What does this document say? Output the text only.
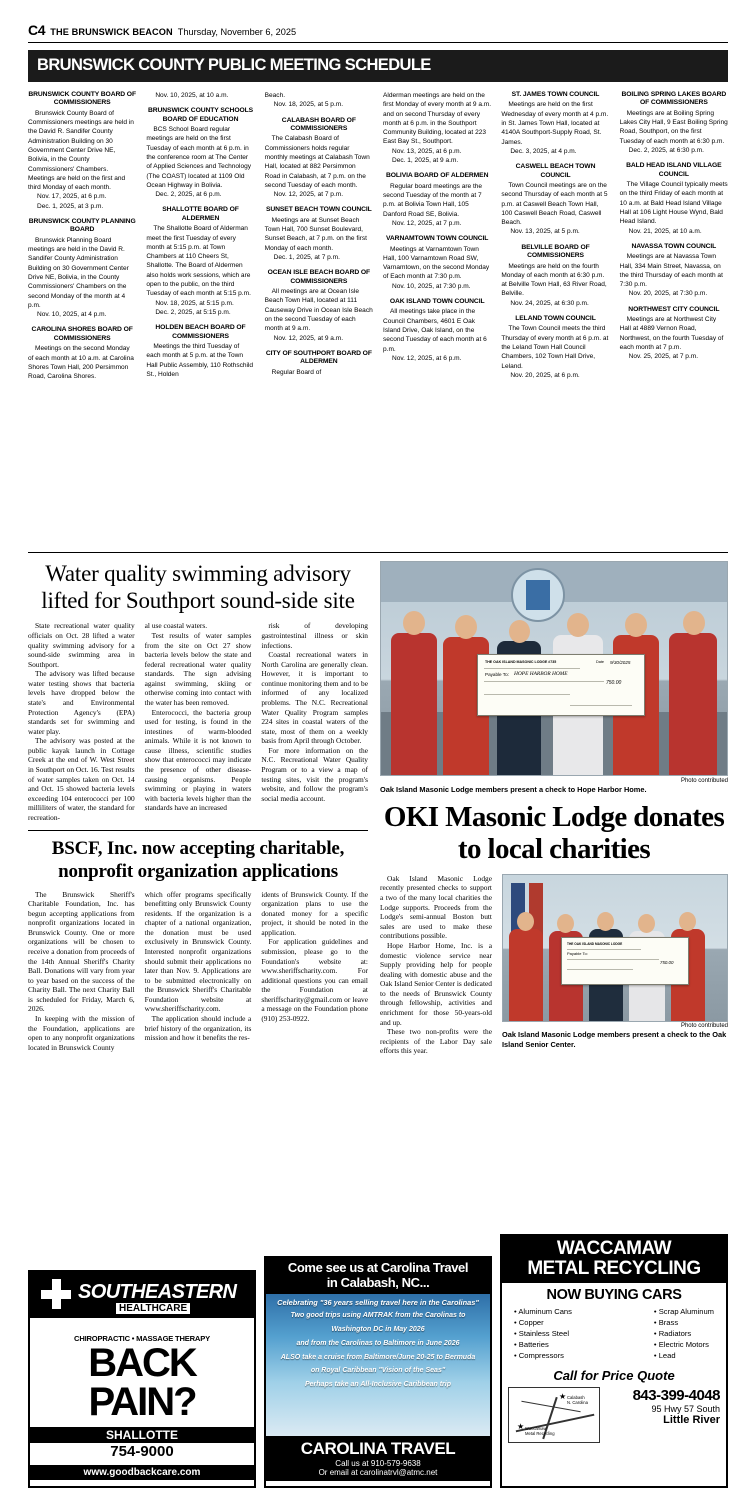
C4 THE BRUNSWICK BEACON Thursday, November 6, 2025
BRUNSWICK COUNTY PUBLIC MEETING SCHEDULE
BRUNSWICK COUNTY BOARD OF COMMISSIONERS

Brunswick County Board of Commissioners meetings are held in the David R. Sandifer County Administration Building on 30 Government Center Drive NE, Bolivia, in the County Commissioners' Chambers. Meetings are held on the first and third Monday of each month.

Nov. 17, 2025, at 6 p.m.

Dec. 1, 2025, at 3 p.m.

BRUNSWICK COUNTY PLANNING BOARD

Brunswick Planning Board meetings are held in the David R. Sandifer County Administration Building on 30 Government Center Drive NE, Bolivia, in the County Commissioners' Chambers on the second Monday of the month at 4 p.m.

Nov. 10, 2025, at 4 p.m.

CAROLINA SHORES BOARD OF COMMISSIONERS

Meetings on the second Monday of each month at 10 a.m. at Carolina Shores Town Hall, 200 Persimmon Road, Carolina Shores.

Nov. 10, 2025, at 10 a.m.

BRUNSWICK COUNTY SCHOOLS BOARD OF EDUCATION

BCS School Board regular meetings are held on the first Tuesday of each month at 6 p.m. in the conference room at The Center of Applied Sciences and Technology (The COAST) located at 1109 Old Ocean Highway in Bolivia.

Dec. 2, 2025, at 6 p.m.

SHALLOTTE BOARD OF ALDERMEN

The Shallotte Board of Alderman meet the first Tuesday of every month at 5:15 p.m. at Town Chambers at 110 Cheers St, Shallotte. The Board of Aldermen also holds work sessions, which are open to the public, on the third Tuesday of each month at 5:15 p.m.

Nov. 18, 2025, at 5:15 p.m.

Dec. 2, 2025, at 5:15 p.m.

HOLDEN BEACH BOARD OF COMMISSIONERS

Meetings the third Tuesday of each month at 5 p.m. at the Town Hall Public Assembly, 110 Rothschild St., Holden

Beach.

Nov. 18, 2025, at 5 p.m.

CALABASH BOARD OF COMMISSIONERS

The Calabash Board of Commissioners holds regular monthly meetings at Calabash Town Hall, located at 882 Persimmon Road in Calabash, at 7 p.m. on the second Tuesday of each month.

Nov. 12, 2025, at 7 p.m.

SUNSET BEACH TOWN COUNCIL

Meetings are at Sunset Beach Town Hall, 700 Sunset Boulevard, Sunset Beach, at 7 p.m. on the first Monday of each month.

Dec. 1, 2025, at 7 p.m.

OCEAN ISLE BEACH BOARD OF COMMISSIONERS

All meetings are at Ocean Isle Beach Town Hall, located at 111 Causeway Drive in Ocean Isle Beach on the second Tuesday of each month at 9 a.m.

Nov. 12, 2025, at 9 a.m.

CITY OF SOUTHPORT BOARD OF ALDERMEN

Regular Board of

Alderman meetings are held on the first Monday of every month at 9 a.m. and on second Thursday of every month at 6 p.m. in the Southport Community Building, located at 223 East Bay St., Southport.

Nov. 13, 2025, at 6 p.m.

Dec. 1, 2025, at 9 a.m.

BOLIVIA BOARD OF ALDERMEN

Regular board meetings are the second Tuesday of the month at 7 p.m. at Bolivia Town Hall, 105 Danford Road SE, Bolivia.

Nov. 12, 2025, at 7 p.m.

VARNAMTOWN TOWN COUNCIL

Meetings at Varnamtown Town Hall, 100 Varnamtown Road SW, Varnamtown, on the second Monday of Each month at 7:30 p.m.

Nov. 10, 2025, at 7:30 p.m.

OAK ISLAND TOWN COUNCIL

All meetings take place in the Council Chambers, 4601 E Oak Island Drive, Oak Island, on the second Tuesday of each month at 6 p.m.

Nov. 12, 2025, at 6 p.m.

ST. JAMES TOWN COUNCIL

Meetings are held on the first Wednesday of every month at 4 p.m. in St. James Town Hall, located at 4140A Southport-Supply Road, St. James.

Dec. 3, 2025, at 4 p.m.

CASWELL BEACH TOWN COUNCIL

Town Council meetings are on the second Thursday of each month at 5 p.m. at Caswell Beach Town Hall, 100 Caswell Beach Road, Caswell Beach.

Nov. 13, 2025, at 5 p.m.

BELVILLE BOARD OF COMMISSIONERS

Meetings are held on the fourth Monday of each month at 6:30 p.m. at Belville Town Hall, 63 River Road, Belville.

Nov. 24, 2025, at 6:30 p.m.

LELAND TOWN COUNCIL

The Town Council meets the third Thursday of every month at 6 p.m. at the Leland Town Hall Council Chambers, 102 Town Hall Drive, Leland.

Nov. 20, 2025, at 6 p.m.

BOILING SPRING LAKES BOARD OF COMMISSIONERS

Meetings are at Boiling Spring Lakes City Hall, 9 East Boiling Spring Road, Southport, on the first Tuesday of each month at 6:30 p.m.

Dec. 2, 2025, at 6:30 p.m.

BALD HEAD ISLAND VILLAGE COUNCIL

The Village Council typically meets on the third Friday of each month at 10 a.m. at Bald Head Island Village Hall at 106 Light House Wynd, Bald Head Island.

Nov. 21, 2025, at 10 a.m.

NAVASSA TOWN COUNCIL

Meetings are at Navassa Town Hall, 334 Main Street, Navassa, on the third Thursday of each month at 7:30 p.m.

Nov. 20, 2025, at 7:30 p.m.

NORTHWEST CITY COUNCIL

Meetings are at Northwest City Hall at 4889 Vernon Road, Northwest, on the fourth Tuesday of each month at 7 p.m.

Nov. 25, 2025, at 7 p.m.

Water quality swimming advisory lifted for Southport sound-side site

State recreational water quality officials on Oct. 28 lifted a water quality swimming advisory for a sound-side swimming area in Southport.

The advisory was lifted because water testing shows that bacteria levels have dropped below the state's and Environmental Protection Agency's (EPA) standards set for swimming and water play.

The advisory was posted at the public kayak launch in Cottage Creek at the end of W. West Street in Southport on Oct. 16. Test results of water samples taken on Oct. 14 and Oct. 15 showed bacteria levels exceeding 104 enterococci per 100 milliliters of water, the standard for recreation-

al use coastal waters.

Test results of water samples from the site on Oct 27 show bacteria levels below the state and federal recreational water quality standards. The sign advising against swimming, skiing or otherwise coming into contact with the water has been removed.

Enterococci, the bacteria group used for testing, is found in the intestines of warm-blooded animals. While it is not known to cause illness, scientific studies show that enterococci may indicate the presence of other disease-causing organisms. People swimming or playing in waters with bacteria levels higher than the standards have an increased

risk of developing gastrointestinal illness or skin infections.

Coastal recreational waters in North Carolina are generally clean. However, it is important to continue monitoring them and to be informed of any localized problems. The N.C. Recreational Water Quality Program samples 224 sites in coastal waters of the state, most of them on a weekly basis from April through October.

For more information on the N.C. Recreational Water Quality Program or to a view a map of testing sites, visit the program's website, and follow the program's social media account.

BSCF, Inc. now accepting charitable, nonprofit organization applications

The Brunswick Sheriff's Charitable Foundation, Inc. has begun accepting applications from nonprofit organizations located in Brunswick County. One or more organizations will be chosen to receive a donation from proceeds of the 14th Annual Sheriff's Charity Ball. Donations will vary from year to year based on the success of the Charity Ball. The next Charity Ball is scheduled for Friday, March 6, 2026.

In keeping with the mission of the Foundation, applications are open to any nonprofit organizations located in Brunswick County

which offer programs specifically benefitting only Brunswick County residents. If the organization is a chapter of a national organization, the donation must be used exclusively in Brunswick County. Interested nonprofit organizations should submit their applications no later than Nov. 9. Applications are to be submitted electronically on the Brunswick Sheriff's Charitable Foundation website at www.sheriffscharity.com.

The application should include a brief history of the organization, its mission and how it benefits the res-

idents of Brunswick County. If the organization plans to use the donated money for a specific project, it should be noted in the application.

For application guidelines and submission, please go to the Foundation's website at: www.sheriffscharity.com. For additional questions you can email the Foundation at sheriffscharity@gmail.com or leave a message on the Foundation phone (910) 253-0922.

THE OAK ISLAND MASONIC LODGE #735
Payable To: HOPE HARBOR HOME
Date 9/30/2025
750.00
Photo contributed
Oak Island Masonic Lodge members present a check to Hope Harbor Home.
OKI Masonic Lodge donates to local charities

Oak Island Masonic Lodge recently presented checks to support a two of the many local charities the Lodge supports. Proceeds from the Lodge's semi-annual Boston butt sales are used to make these contributions possible.

Hope Harbor Home, Inc. is a domestic violence service near Supply providing help for people dealing with domestic abuse and the Oak Island Senior Center is dedicated to the needs of Brunswick County through fellowship, activities and enrichment for those 50-years-old and up.

These two non-profits were the recipients of the Labor Day sale efforts this year.

THE OAK ISLAND MASONIC LODGE
Payable To:
750.00
Photo contributed
Oak Island Masonic Lodge members present a check to the Oak Island Senior Center.
SOUTHEASTERN
HEALTHCARE
CHIROPRACTIC • MASSAGE THERAPY
BACK
PAIN?
SHALLOTTE
754-9000
www.goodbackcare.com
Come see us at Carolina Travel
in Calabash, NC...
Celebrating "36 years selling travel here in the Carolinas"
Two good trips using AMTRAK from the Carolinas to
Washington DC in May 2026
and from the Carolinas to Baltimore in June 2026
ALSO take a cruise from Baltimore/June 20-25 to Bermuda
on Royal Caribbean "Vision of the Seas"
Perhaps take an All-Inclusive Caribbean trip
CAROLINA TRAVEL
Call us at 910-579-9638
Or email at carolinatrvl@atmc.net
WACCAMAW
METAL RECYCLING
NOW BUYING CARS
• Aluminum Cans
• Copper
• Stainless Steel
• Batteries
• Compressors
• Scrap Aluminum
• Brass
• Radiators
• Electric Motors
• Lead
Call for Price Quote
★
★
Calabash
N. Carolina
Waccamaw
Metal Recycling
843-399-4048
95 Hwy 57 South
Little River
